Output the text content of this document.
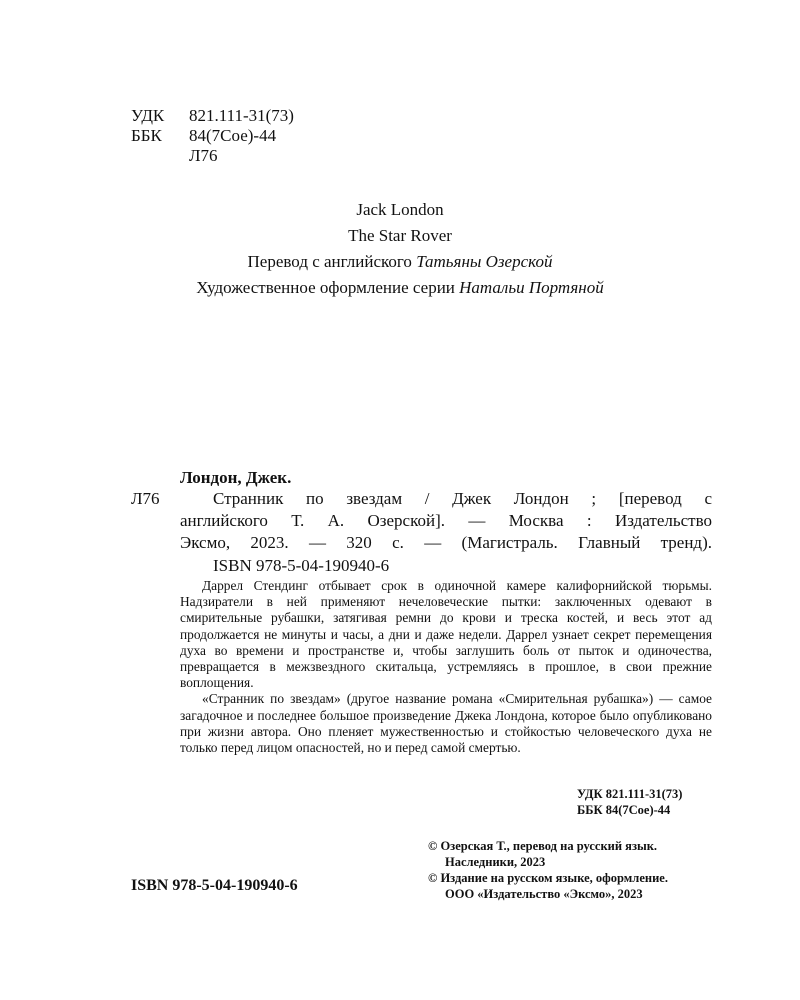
УДК 821.111-31(73)
ББК 84(7Сое)-44
Л76
Jack London
The Star Rover
Перевод с английского Татьяны Озерской
Художественное оформление серии Натальи Портяной
Лондон, Джек.
Л76	Странник по звездам / Джек Лондон ; [перевод с
английского Т. А. Озерской]. — Москва : Издательство
Эксмо, 2023. — 320 с. — (Магистраль. Главный тренд).
ISBN 978-5-04-190940-6

Даррел Стендинг отбывает срок в одиночной камере калифорнийской тюрьмы. Надзиратели в ней применяют нечеловеческие пытки: заключенных одевают в смирительные рубашки, затягивая ремни до крови и треска костей, и весь этот ад продолжается не минуты и часы, а дни и даже недели. Даррел узнает секрет перемещения духа во времени и пространстве и, чтобы заглушить боль от пыток и одиночества, превращается в межзвездного скитальца, устремляясь в прошлое, в свои прежние воплощения.

«Странник по звездам» (другое название романа «Смирительная рубашка») — самое загадочное и последнее большое произведение Джека Лондона, которое было опубликовано при жизни автора. Оно пленяет мужественностью и стойкостью человеческого духа не только перед лицом опасностей, но и перед самой смертью.

УДК 821.111-31(73)
ББК 84(7Сое)-44
© Озерская Т., перевод на русский язык.
Наследники, 2023
© Издание на русском языке, оформление.
ООО «Издательство «Эксмо», 2023
ISBN 978-5-04-190940-6
